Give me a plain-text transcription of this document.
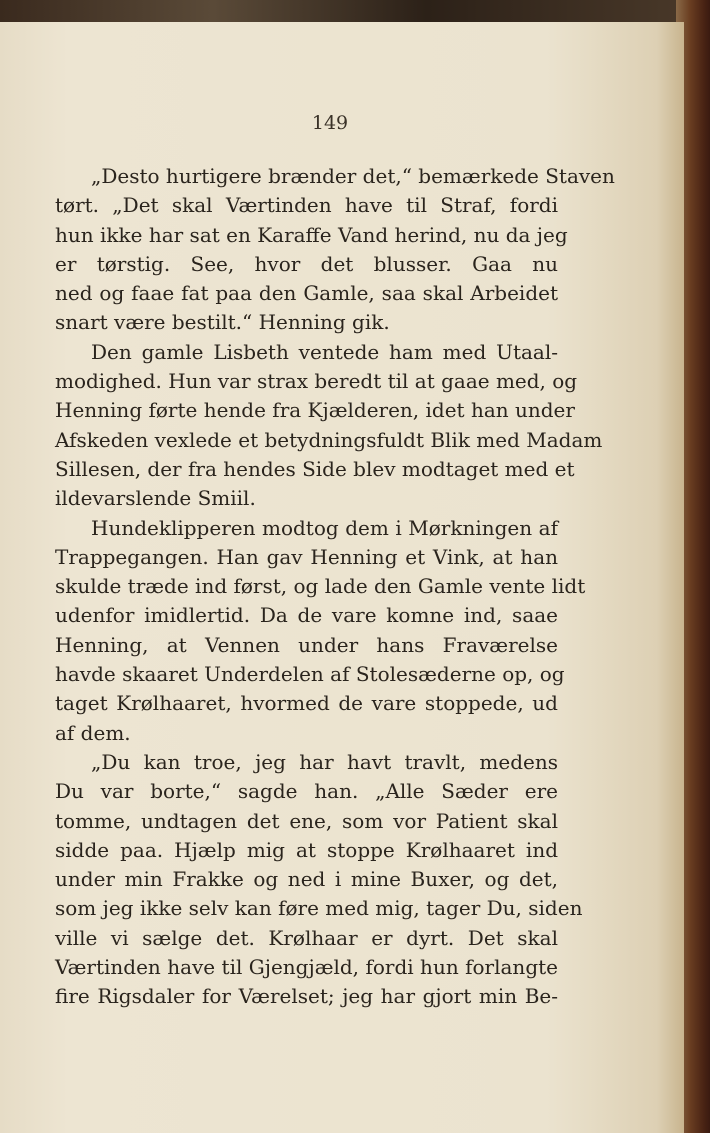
149
„Desto hurtigere brænder det,“ bemærkede Staven
tørt. „Det skal Værtinden have til Straf, fordi
hun ikke har sat en Karaffe Vand herind, nu da jeg
er tørstig. See, hvor det blusser. Gaa nu
ned og faae fat paa den Gamle, saa skal Arbeidet
snart være bestilt.“ Henning gik.
Den gamle Lisbeth ventede ham med Utaal-
modighed. Hun var strax beredt til at gaae med, og
Henning førte hende fra Kjælderen, idet han under
Afskeden vexlede et betydningsfuldt Blik med Madam
Sillesen, der fra hendes Side blev modtaget med et
ildevarslende Smiil.
Hundeklipperen modtog dem i Mørkningen af
Trappegangen. Han gav Henning et Vink, at han
skulde træde ind først, og lade den Gamle vente lidt
udenfor imidlertid. Da de vare komne ind, saae
Henning, at Vennen under hans Fraværelse
havde skaaret Underdelen af Stolesæderne op, og
taget Krølhaaret, hvormed de vare stoppede, ud
af dem.
„Du kan troe, jeg har havt travlt, medens
Du var borte,“ sagde han. „Alle Sæder ere
tomme, undtagen det ene, som vor Patient skal
sidde paa. Hjælp mig at stoppe Krølhaaret ind
under min Frakke og ned i mine Buxer, og det,
som jeg ikke selv kan føre med mig, tager Du, siden
ville vi sælge det. Krølhaar er dyrt. Det skal
Værtinden have til Gjengjæld, fordi hun forlangte
fire Rigsdaler for Værelset; jeg har gjort min Be-
